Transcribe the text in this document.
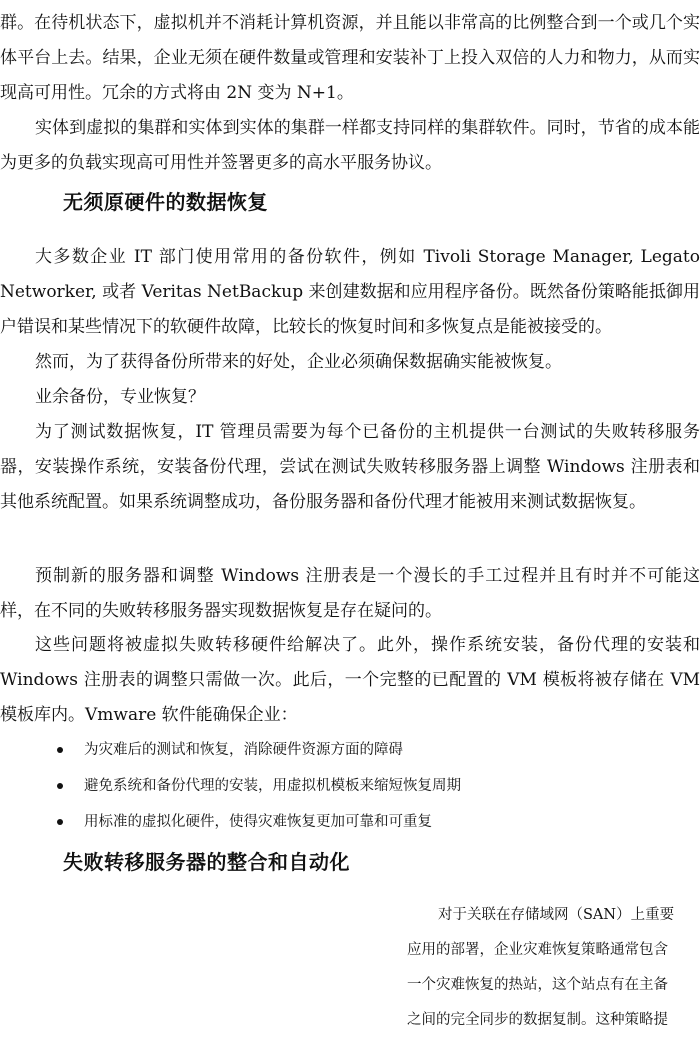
群。在待机状态下，虚拟机并不消耗计算机资源，并且能以非常高的比例整合到一个或几个实体平台上去。结果，企业无须在硬件数量或管理和安装补丁上投入双倍的人力和物力，从而实现高可用性。冗余的方式将由 2N 变为 N+1。

实体到虚拟的集群和实体到实体的集群一样都支持同样的集群软件。同时，节省的成本能为更多的负载实现高可用性并签署更多的高水平服务协议。

无须原硬件的数据恢复

大多数企业 IT 部门使用常用的备份软件，例如 Tivoli Storage Manager, Legato Networker, 或者 Veritas NetBackup 来创建数据和应用程序备份。既然备份策略能抵御用户错误和某些情况下的软硬件故障，比较长的恢复时间和多恢复点是能被接受的。

然而，为了获得备份所带来的好处，企业必须确保数据确实能被恢复。

业余备份，专业恢复？

为了测试数据恢复，IT 管理员需要为每个已备份的主机提供一台测试的失败转移服务器，安装操作系统，安装备份代理，尝试在测试失败转移服务器上调整 Windows 注册表和其他系统配置。如果系统调整成功，备份服务器和备份代理才能被用来测试数据恢复。

预制新的服务器和调整 Windows 注册表是一个漫长的手工过程并且有时并不可能这样，在不同的失败转移服务器实现数据恢复是存在疑问的。

这些问题将被虚拟失败转移硬件给解决了。此外，操作系统安装，备份代理的安装和 Windows 注册表的调整只需做一次。此后，一个完整的已配置的 VM 模板将被存储在 VM 模板库内。Vmware 软件能确保企业：

为灾难后的测试和恢复，消除硬件资源方面的障碍
避免系统和备份代理的安装，用虚拟机模板来缩短恢复周期
用标准的虚拟化硬件，使得灾难恢复更加可靠和可重复
失败转移服务器的整合和自动化
对于关联在存储域网（SAN）上重要
应用的部署，企业灾难恢复策略通常包含
一个灾难恢复的热站，这个站点有在主备
之间的完全同步的数据复制。这种策略提
